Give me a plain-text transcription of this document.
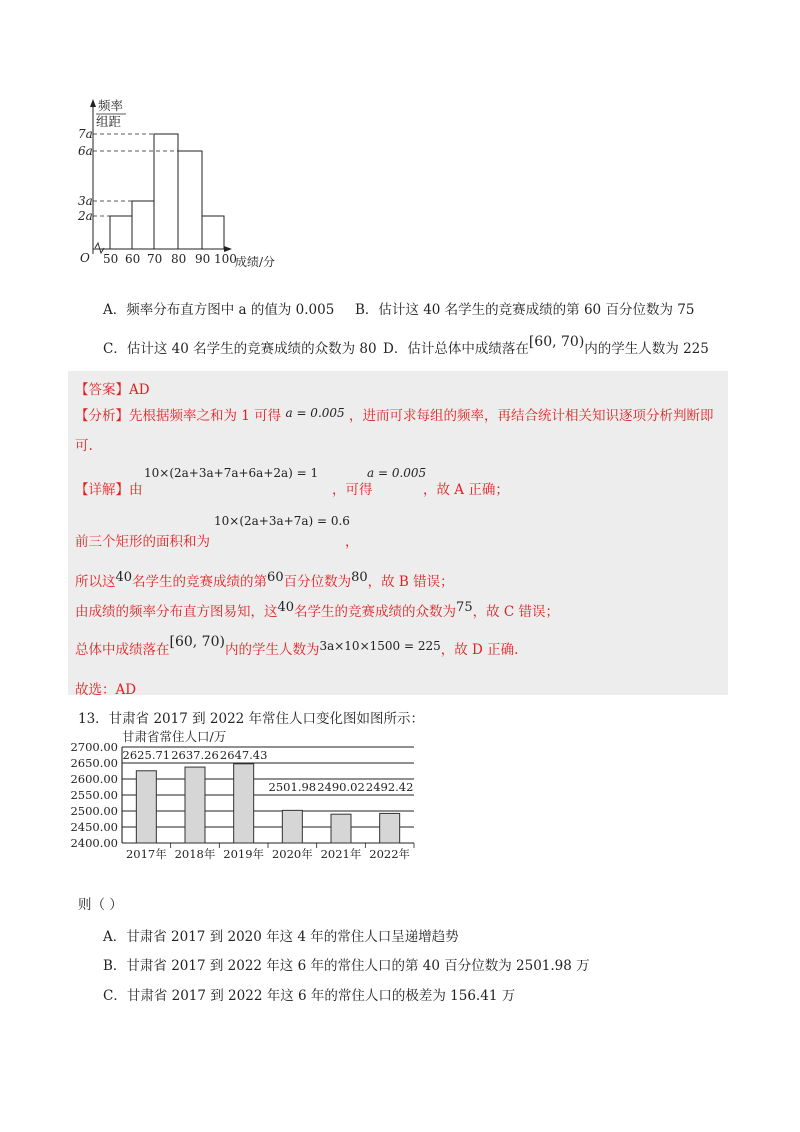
频率
组距
7a
6a
3a
2a
O 50 60 70 80 90 100
成绩/分
A．频率分布直方图中 a 的值为 0.005 B．估计这 40 名学生的竞赛成绩的第 60 百分位数为 75
C．估计这 40 名学生的竞赛成绩的众数为 80 D．估计总体中成绩落在[60, 70)内的学生人数为 225
【答案】AD
【分析】先根据频率之和为 1 可得 a = 0.005 ，进而可求每组的频率，再结合统计相关知识逐项分析判断即
可.
10×(2a+3a+7a+6a+2a) = 1	a = 0.005
【详解】由	，可得	，故 A 正确；
10×(2a+3a+7a) = 0.6
前三个矩形的面积和为	，
所以这40名学生的竞赛成绩的第60百分位数为80，故 B 错误；
由成绩的频率分布直方图易知，这40名学生的竞赛成绩的众数为75，故 C 错误；
总体中成绩落在[60, 70)内的学生人数为3a×10×1500 = 225，故 D 正确.
故选：AD
13．甘肃省 2017 到 2022 年常住人口变化图如图所示：
甘肃省常住人口/万
2625.71 2637.26 2647.43
2501.98 2490.02 2492.42
2700.00
2650.00
2600.00
2550.00
2500.00
2450.00
2400.00
2017年 2018年 2019年 2020年 2021年 2022年
则（ ）
A．甘肃省 2017 到 2020 年这 4 年的常住人口呈递增趋势
B．甘肃省 2017 到 2022 年这 6 年的常住人口的第 40 百分位数为 2501.98 万
C．甘肃省 2017 到 2022 年这 6 年的常住人口的极差为 156.41 万
